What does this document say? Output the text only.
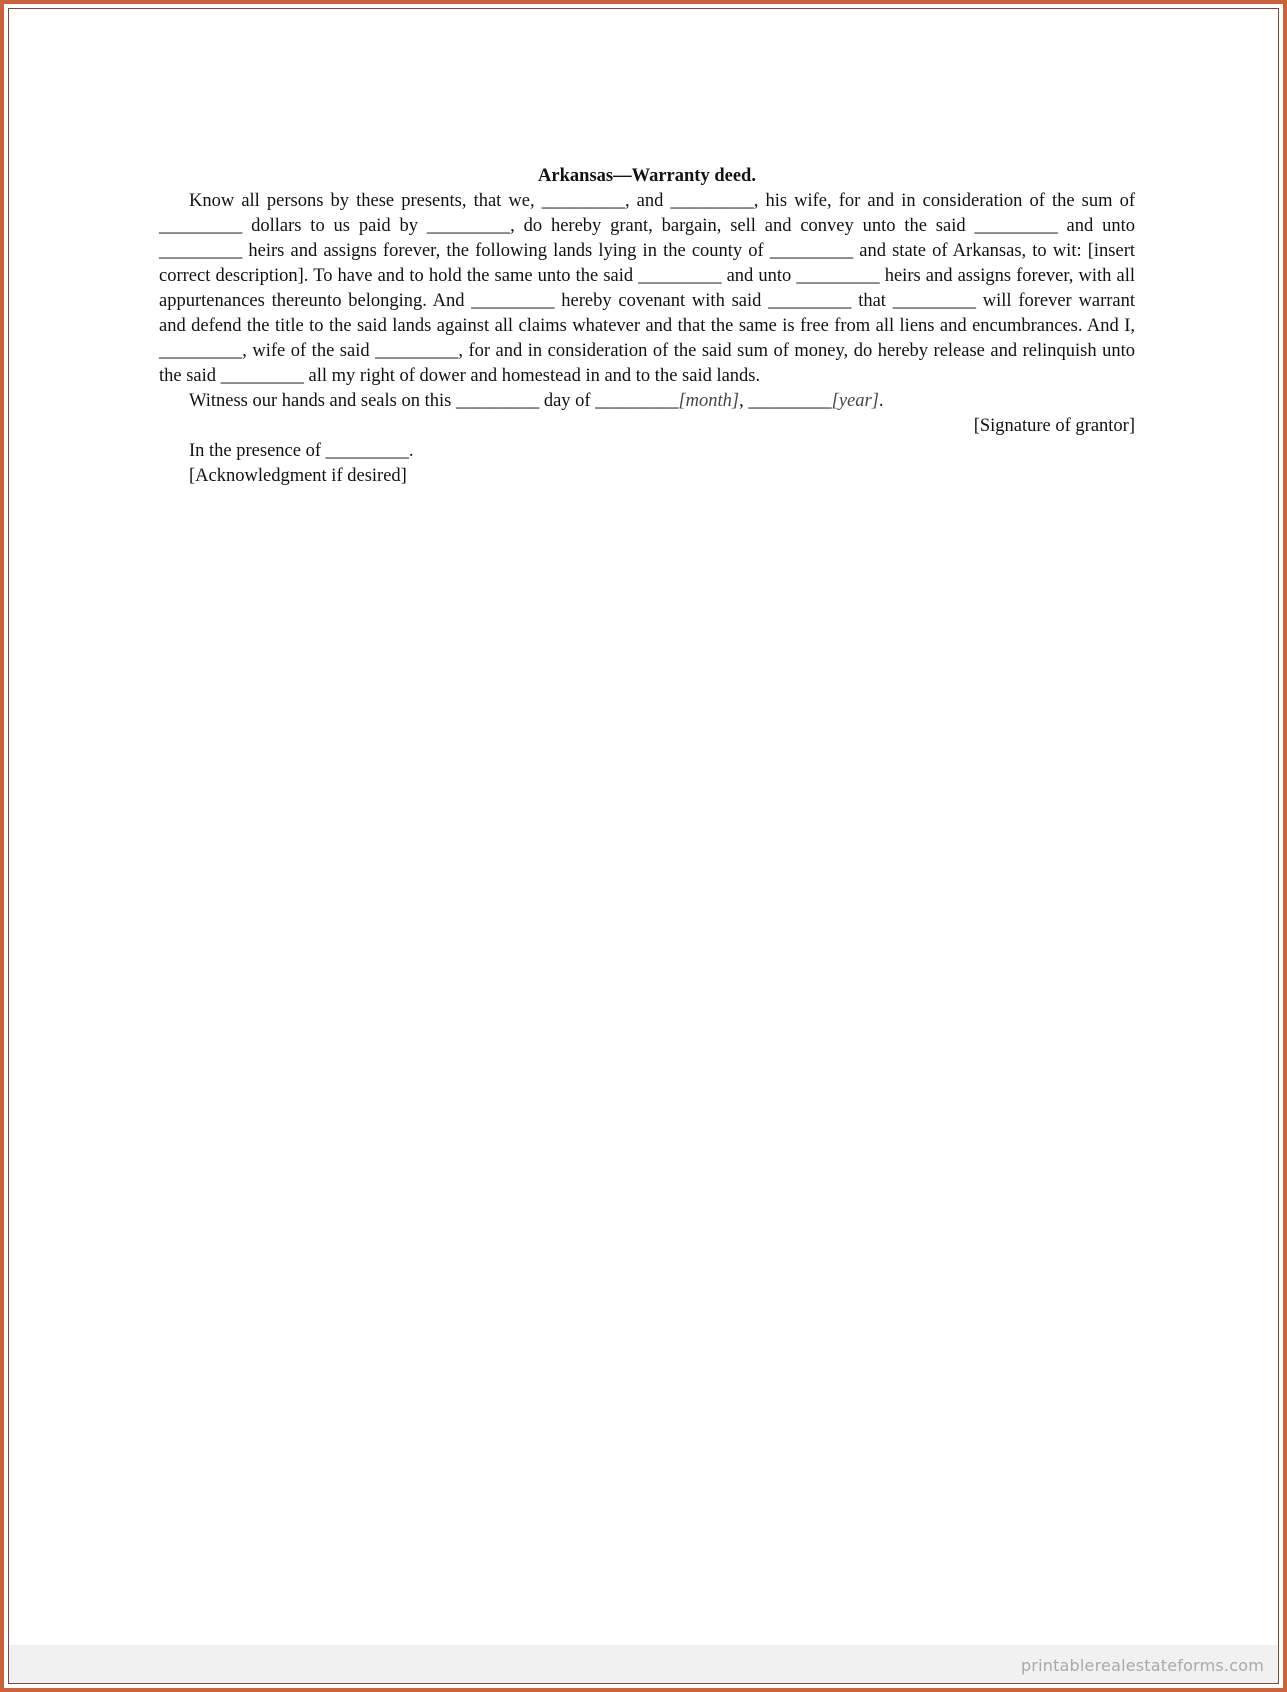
Arkansas—Warranty deed.

Know all persons by these presents, that we, _________, and _________, his wife, for and in consideration of the sum of _________ dollars to us paid by _________, do hereby grant, bargain, sell and convey unto the said _________ and unto _________ heirs and assigns forever, the following lands lying in the county of _________ and state of Arkansas, to wit: [insert correct description]. To have and to hold the same unto the said _________ and unto _________ heirs and assigns forever, with all appurtenances thereunto belonging. And _________ hereby covenant with said _________ that _________ will forever warrant and defend the title to the said lands against all claims whatever and that the same is free from all liens and encumbrances. And I, _________, wife of the said _________, for and in consideration of the said sum of money, do hereby release and relinquish unto the said _________ all my right of dower and homestead in and to the said lands.

Witness our hands and seals on this _________ day of _________[month], _________[year].

[Signature of grantor]

In the presence of _________.

[Acknowledgment if desired]

printablerealestateforms.com
